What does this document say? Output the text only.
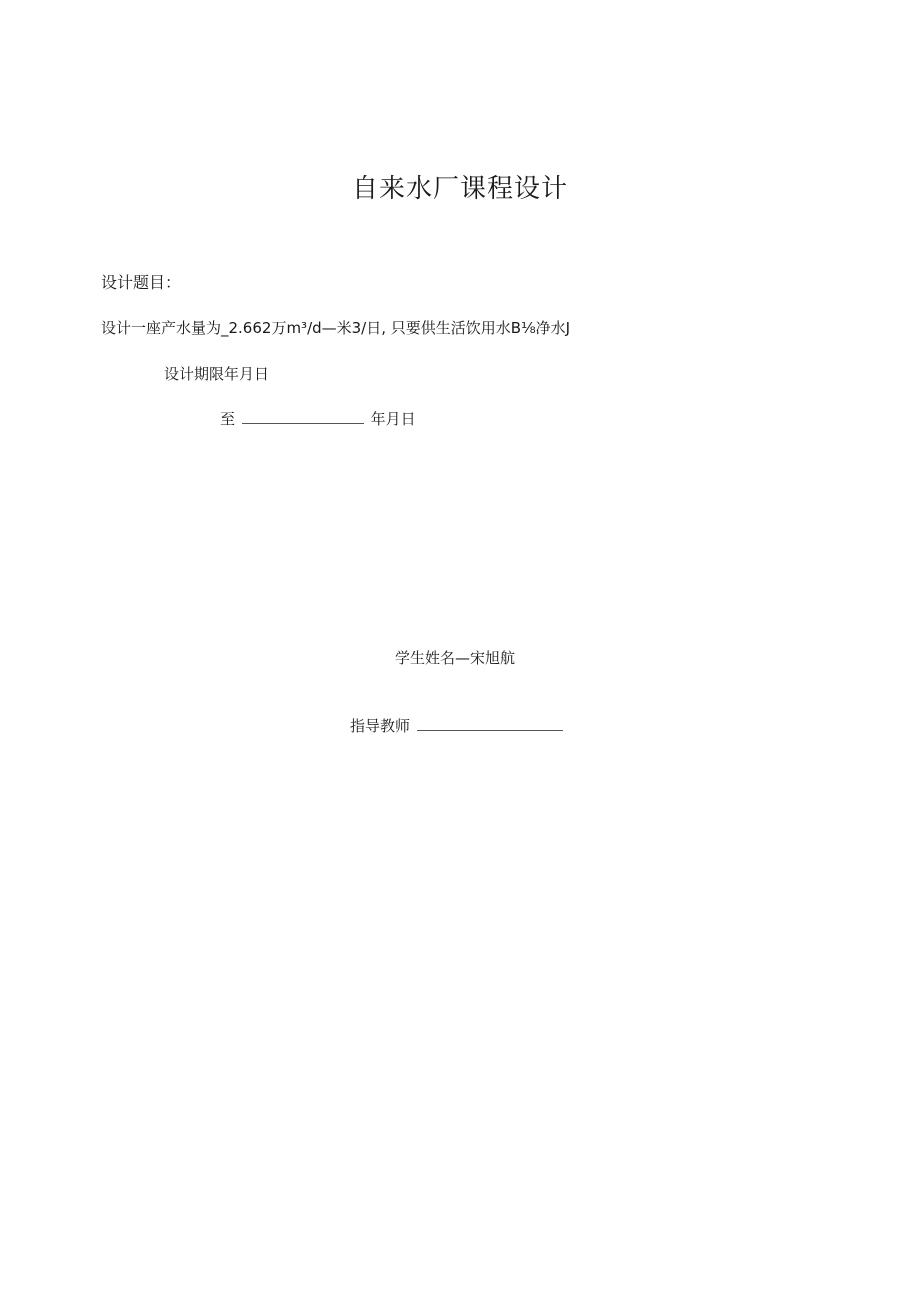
自来水厂课程设计
设计题目：
设计一座产水量为_2.662万m³/d—米3/日, 只要供生活饮用水B⅛净水J
设计期限年月日
至	年月日
学生姓名—宋旭航
指导教师
